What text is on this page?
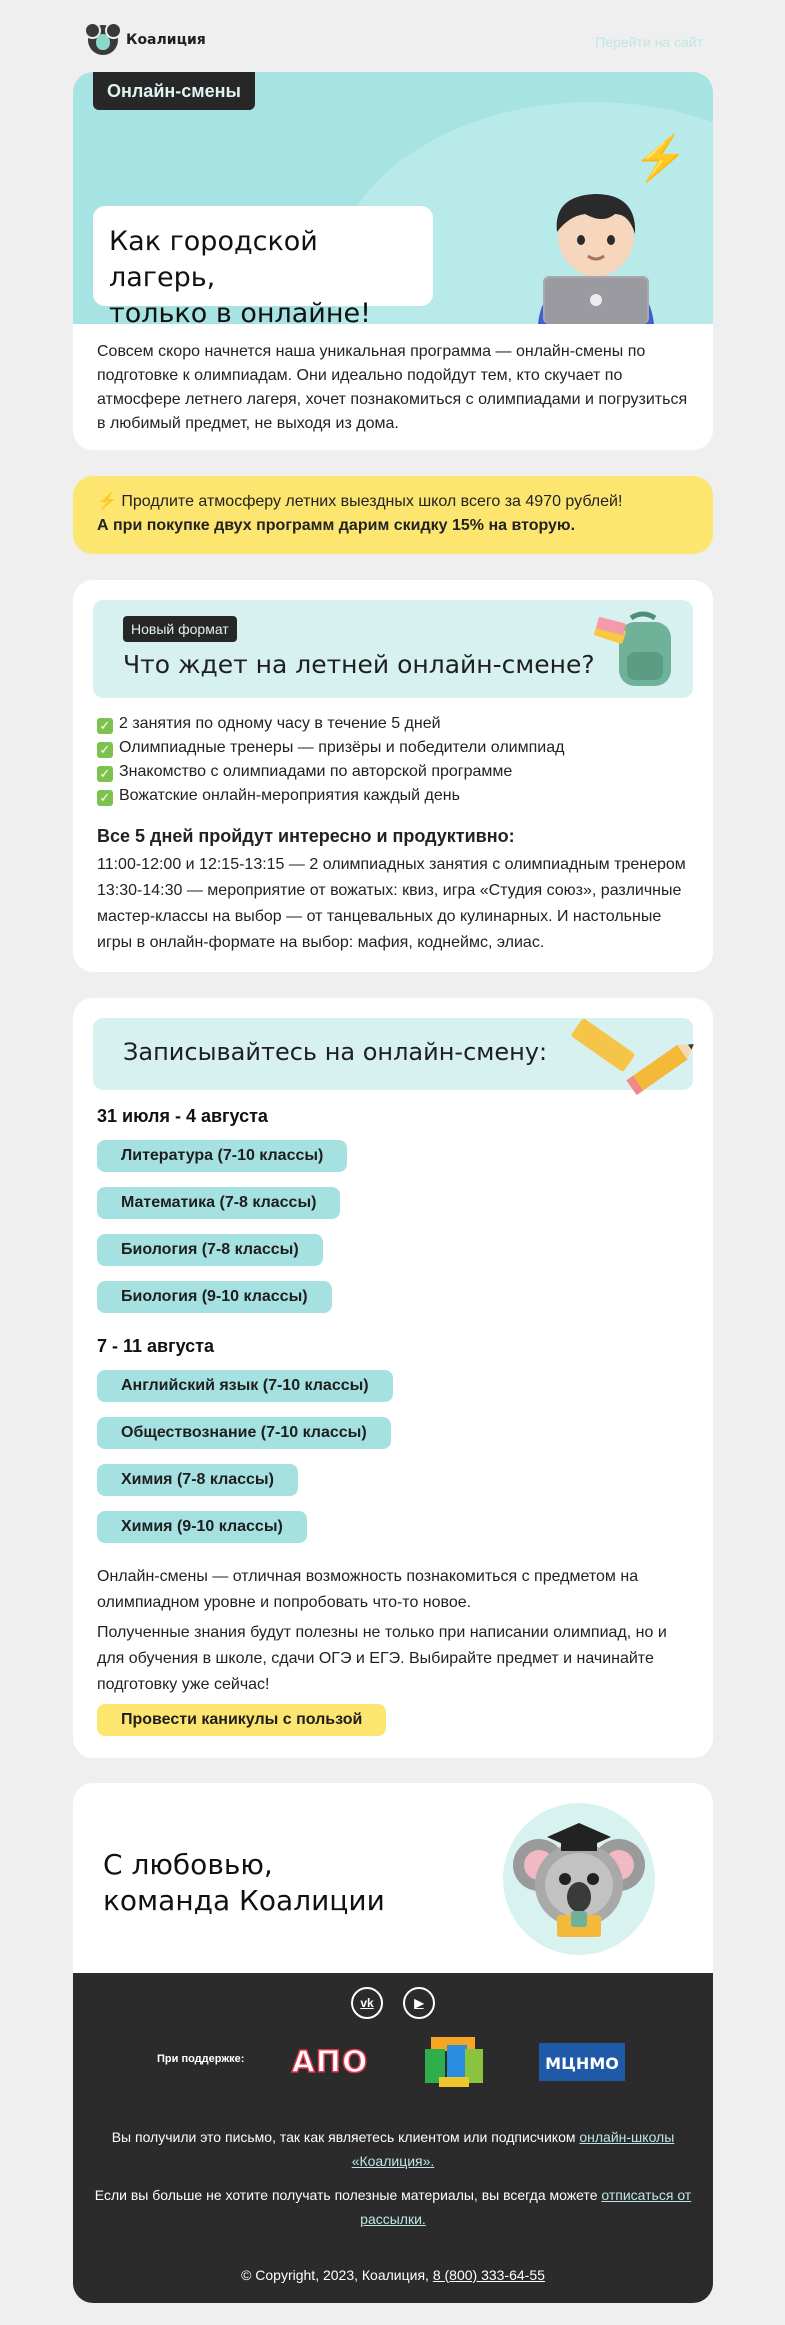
Коалиция	Перейти на сайт
Онлайн-смены
⚡
Как городской лагерь,
только в онлайне!
Совсем скоро начнется наша уникальная программа — онлайн-смены по подготовке к олимпиадам. Они идеально подойдут тем, кто скучает по атмосфере летнего лагеря, хочет познакомиться с олимпиадами и погрузиться в любимый предмет, не выходя из дома.
⚡ Продлите атмосферу летних выездных школ всего за 4970 рублей!
А при покупке двух программ дарим скидку 15% на вторую.
Новый формат
Что ждет на летней онлайн-смене?
✓ 2 занятия по одному часу в течение 5 дней
✓ Олимпиадные тренеры — призёры и победители олимпиад
✓ Знакомство с олимпиадами по авторской программе
✓ Вожатские онлайн-мероприятия каждый день
Все 5 дней пройдут интересно и продуктивно:
11:00-12:00 и 12:15-13:15 — 2 олимпиадных занятия с олимпиадным тренером 13:30-14:30 — мероприятие от вожатых: квиз, игра «Студия союз», различные мастер-классы на выбор — от танцевальных до кулинарных. И настольные игры в онлайн-формате на выбор: мафия, коднеймс, элиас.
Записывайтесь на онлайн-смену:
31 июля - 4 августа
Литература (7-10 классы)
Математика (7-8 классы)
Биология (7-8 классы)
Биология (9-10 классы)
7 - 11 августа
Английский язык (7-10 классы)
Обществознание (7-10 классы)
Химия (7-8 классы)
Химия (9-10 классы)
Онлайн-смены — отличная возможность познакомиться с предметом на олимпиадном уровне и попробовать что-то новое.
Полученные знания будут полезны не только при написании олимпиад, но и для обучения в школе, сдачи ОГЭ и ЕГЭ. Выбирайте предмет и начинайте подготовку уже сейчас!
Провести каникулы с пользой
С любовью,
команда Коалиции
vk	▶
При поддержке: АПО	МЦНМО
Вы получили это письмо, так как являетесь клиентом или подписчиком онлайн-школы «Коалиция».
Если вы больше не хотите получать полезные материалы, вы всегда можете отписаться от рассылки.
© Copyright, 2023, Коалиция, 8 (800) 333-64-55
